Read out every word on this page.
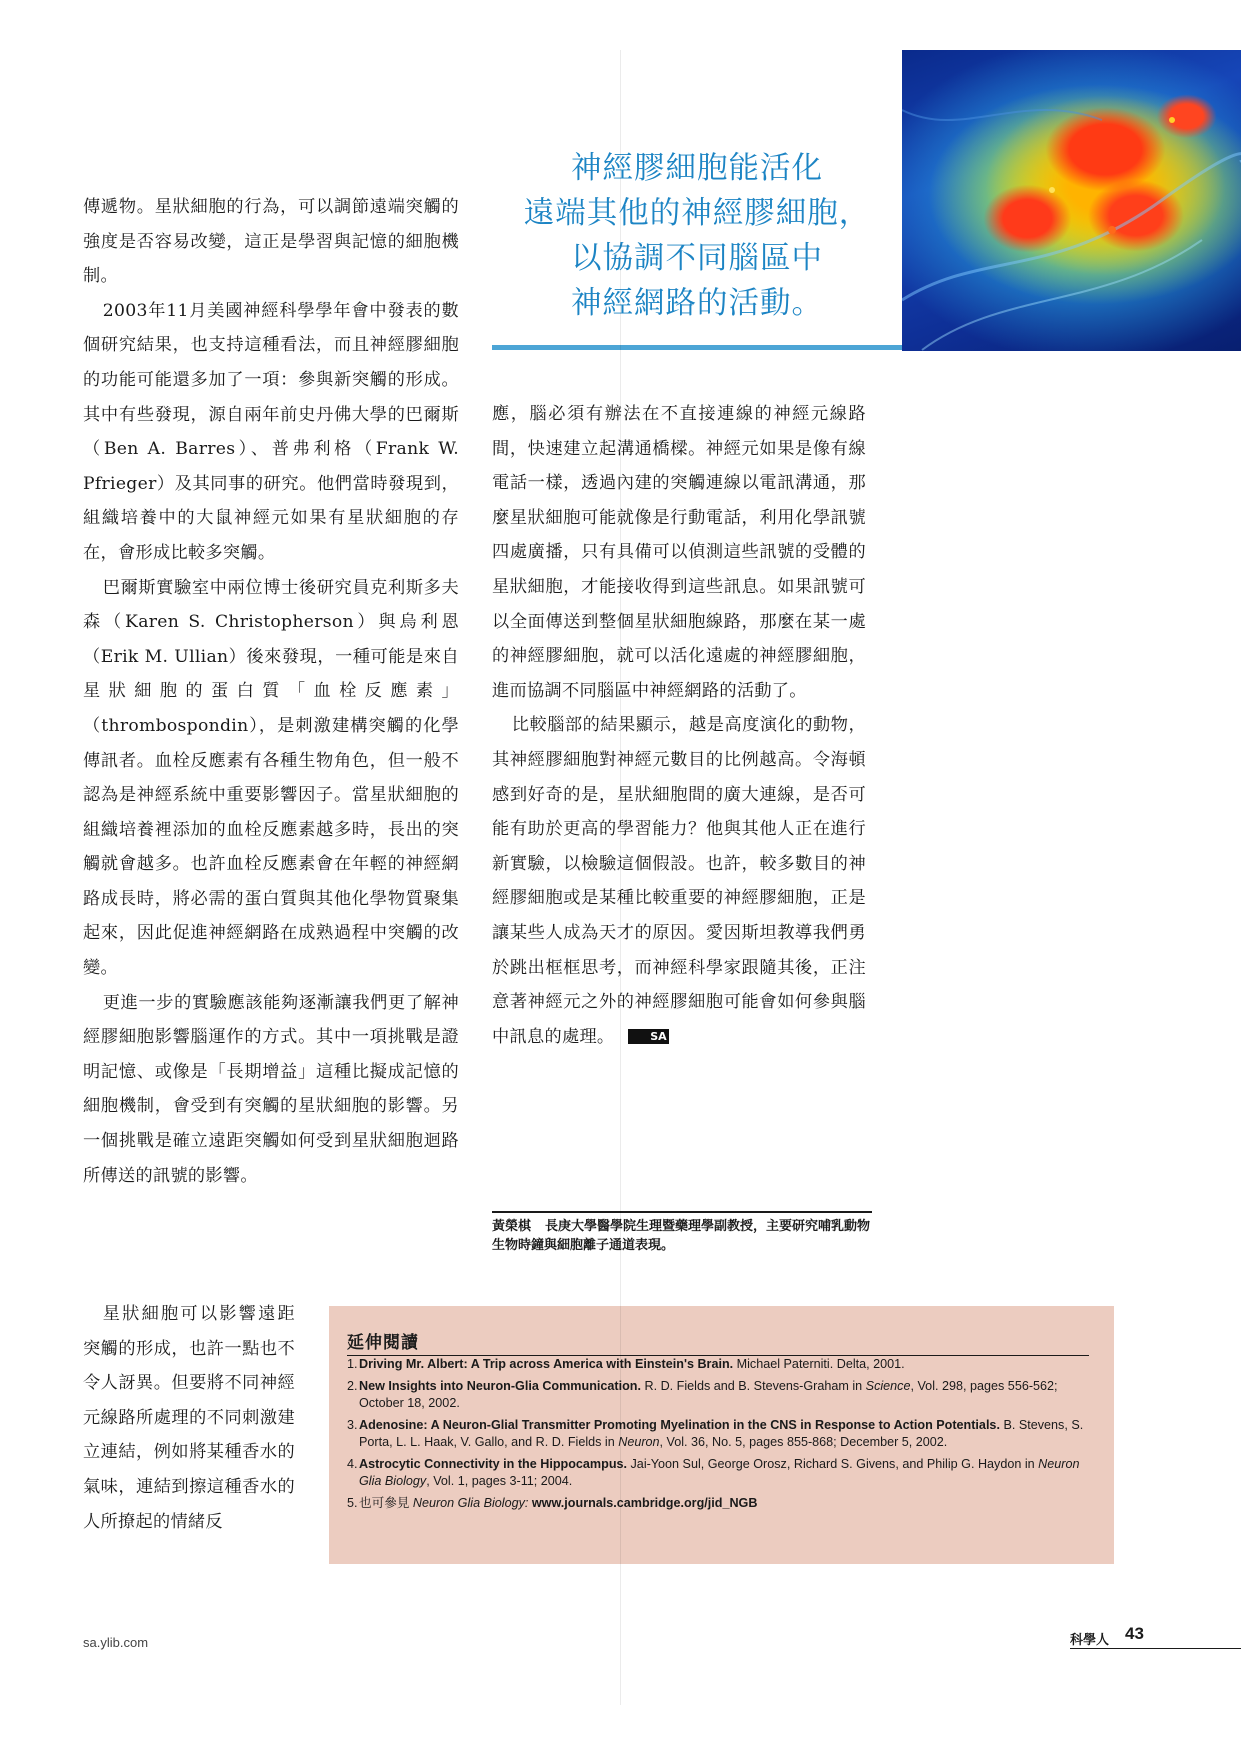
神經膠細胞能活化
遠端其他的神經膠細胞，
以協調不同腦區中
神經網路的活動。

傳遞物。星狀細胞的行為，可以調節遠端突觸的強度是否容易改變，這正是學習與記憶的細胞機制。

2003年11月美國神經科學學年會中發表的數個研究結果，也支持這種看法，而且神經膠細胞的功能可能還多加了一項：參與新突觸的形成。其中有些發現，源自兩年前史丹佛大學的巴爾斯（Ben A. Barres）、普弗利格（Frank W. Pfrieger）及其同事的研究。他們當時發現到，組織培養中的大鼠神經元如果有星狀細胞的存在，會形成比較多突觸。

巴爾斯實驗室中兩位博士後研究員克利斯多夫森（Karen S. Christopherson）與烏利恩（Erik M. Ullian）後來發現，一種可能是來自星狀細胞的蛋白質「血栓反應素」（thrombospondin），是刺激建構突觸的化學傳訊者。血栓反應素有各種生物角色，但一般不認為是神經系統中重要影響因子。當星狀細胞的組織培養裡添加的血栓反應素越多時，長出的突觸就會越多。也許血栓反應素會在年輕的神經網路成長時，將必需的蛋白質與其他化學物質聚集起來，因此促進神經網路在成熟過程中突觸的改變。

更進一步的實驗應該能夠逐漸讓我們更了解神經膠細胞影響腦運作的方式。其中一項挑戰是證明記憶、或像是「長期增益」這種比擬成記憶的細胞機制，會受到有突觸的星狀細胞的影響。另一個挑戰是確立遠距突觸如何受到星狀細胞迴路所傳送的訊號的影響。

星狀細胞可以影響遠距突觸的形成，也許一點也不令人訝異。但要將不同神經元線路所處理的不同刺激建立連結，例如將某種香水的氣味，連結到擦這種香水的人所撩起的情緒反

應，腦必須有辦法在不直接連線的神經元線路間，快速建立起溝通橋樑。神經元如果是像有線電話一樣，透過內建的突觸連線以電訊溝通，那麼星狀細胞可能就像是行動電話，利用化學訊號四處廣播，只有具備可以偵測這些訊號的受體的星狀細胞，才能接收得到這些訊息。如果訊號可以全面傳送到整個星狀細胞線路，那麼在某一處的神經膠細胞，就可以活化遠處的神經膠細胞，進而協調不同腦區中神經網路的活動了。

比較腦部的結果顯示，越是高度演化的動物，其神經膠細胞對神經元數目的比例越高。令海頓感到好奇的是，星狀細胞間的廣大連線，是否可能有助於更高的學習能力？他與其他人正在進行新實驗，以檢驗這個假設。也許，較多數目的神經膠細胞或是某種比較重要的神經膠細胞，正是讓某些人成為天才的原因。愛因斯坦教導我們勇於跳出框框思考，而神經科學家跟隨其後，正注意著神經元之外的神經膠細胞可能會如何參與腦中訊息的處理。	SA

黃榮棋 長庚大學醫學院生理暨藥理學副教授，主要研究哺乳動物生物時鐘與細胞離子通道表現。
延伸閱讀
1. Driving Mr. Albert: A Trip across America with Einstein's Brain. Michael Paterniti. Delta, 2001.
2. New Insights into Neuron-Glia Communication. R. D. Fields and B. Stevens-Graham in Science, Vol. 298, pages 556-562; October 18, 2002.
3. Adenosine: A Neuron-Glial Transmitter Promoting Myelination in the CNS in Response to Action Potentials. B. Stevens, S. Porta, L. L. Haak, V. Gallo, and R. D. Fields in Neuron, Vol. 36, No. 5, pages 855-868; December 5, 2002.
4. Astrocytic Connectivity in the Hippocampus. Jai-Yoon Sul, George Orosz, Richard S. Givens, and Philip G. Haydon in Neuron Glia Biology, Vol. 1, pages 3-11; 2004.
5. 也可參見 Neuron Glia Biology: www.journals.cambridge.org/jid_NGB
sa.ylib.com	科學人 43
